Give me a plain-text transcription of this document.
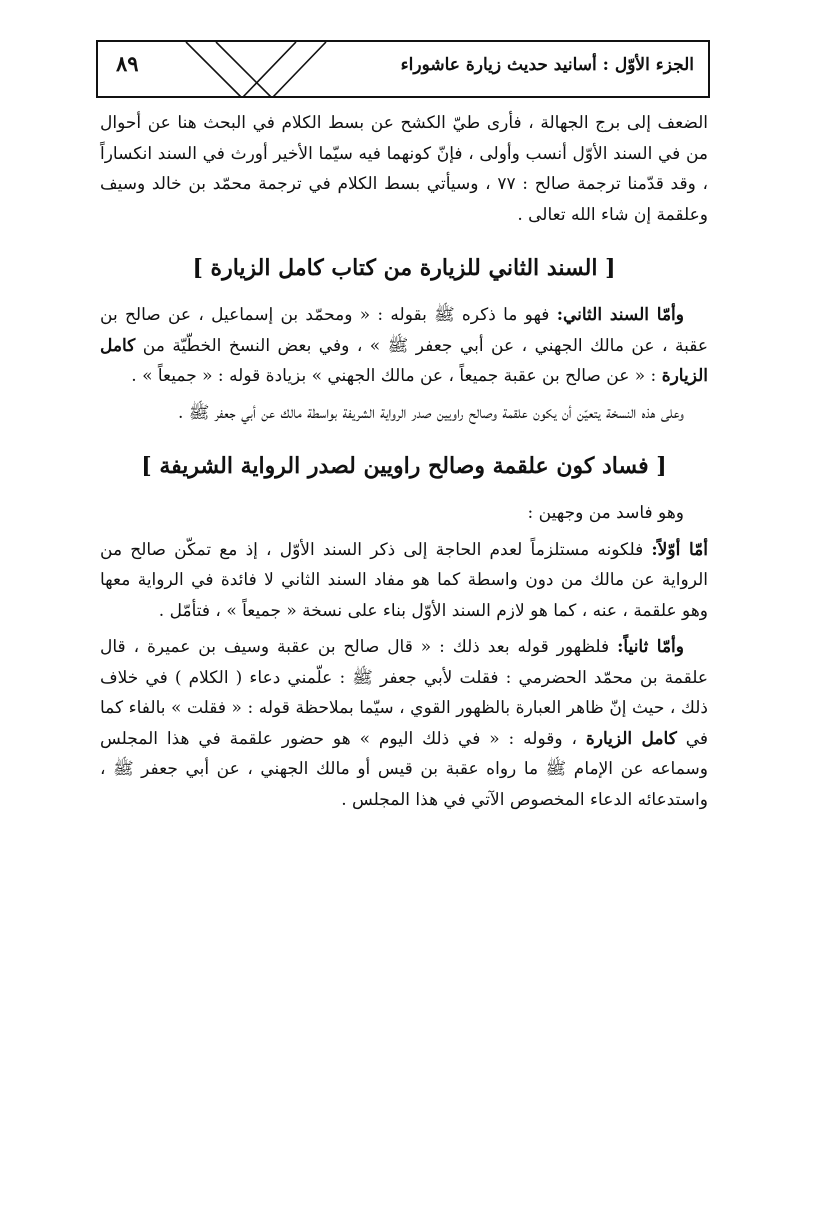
الجزء الأوّل : أسانيد حديث زيارة عاشوراء
٨٩

الضعف إلى برج الجهالة ، فأرى طيّ الكشح عن بسط الكلام في البحث هنا عن أحوال من في السند الأوّل أنسب وأولى ، فإنّ كونهما فيه سيّما الأخير أورث في السند انكساراً ، وقد قدّمنا ترجمة صالح : ٧٧ ، وسيأتي بسط الكلام في ترجمة محمّد بن خالد وسيف وعلقمة إن شاء الله تعالى .

[ السند الثاني للزيارة من كتاب كامل الزيارة ]

وأمّا السند الثاني: فهو ما ذكره ﷺ بقوله : « ومحمّد بن إسماعيل ، عن صالح بن عقبة ، عن مالك الجهني ، عن أبي جعفر ﷺ » ، وفي بعض النسخ الخطّيّة من كامل الزيارة : « عن صالح بن عقبة جميعاً ، عن مالك الجهني » بزيادة قوله : « جميعاً » .

وعلى هذه النسخة يتعيّن أن يكون علقمة وصالح راويين صدر الرواية الشريفة بواسطة مالك عن أبي جعفر ﷺ .

[ فساد كون علقمة وصالح راويين لصدر الرواية الشريفة ]

وهو فاسد من وجهين :

أمّا أوّلاً: فلكونه مستلزماً لعدم الحاجة إلى ذكر السند الأوّل ، إذ مع تمكّن صالح من الرواية عن مالك من دون واسطة كما هو مفاد السند الثاني لا فائدة في الرواية معها وهو علقمة ، عنه ، كما هو لازم السند الأوّل بناء على نسخة « جميعاً » ، فتأمّل .

وأمّا ثانياً: فلظهور قوله بعد ذلك : « قال صالح بن عقبة وسيف بن عميرة ، قال علقمة بن محمّد الحضرمي : فقلت لأبي جعفر ﷺ : علّمني دعاء ( الكلام ) في خلاف ذلك ، حيث إنّ ظاهر العبارة بالظهور القوي ، سيّما بملاحظة قوله : « فقلت » بالفاء كما في كامل الزيارة ، وقوله : « في ذلك اليوم » هو حضور علقمة في هذا المجلس وسماعه عن الإمام ﷺ ما رواه عقبة بن قيس أو مالك الجهني ، عن أبي جعفر ﷺ ، واستدعائه الدعاء المخصوص الآتي في هذا المجلس .
